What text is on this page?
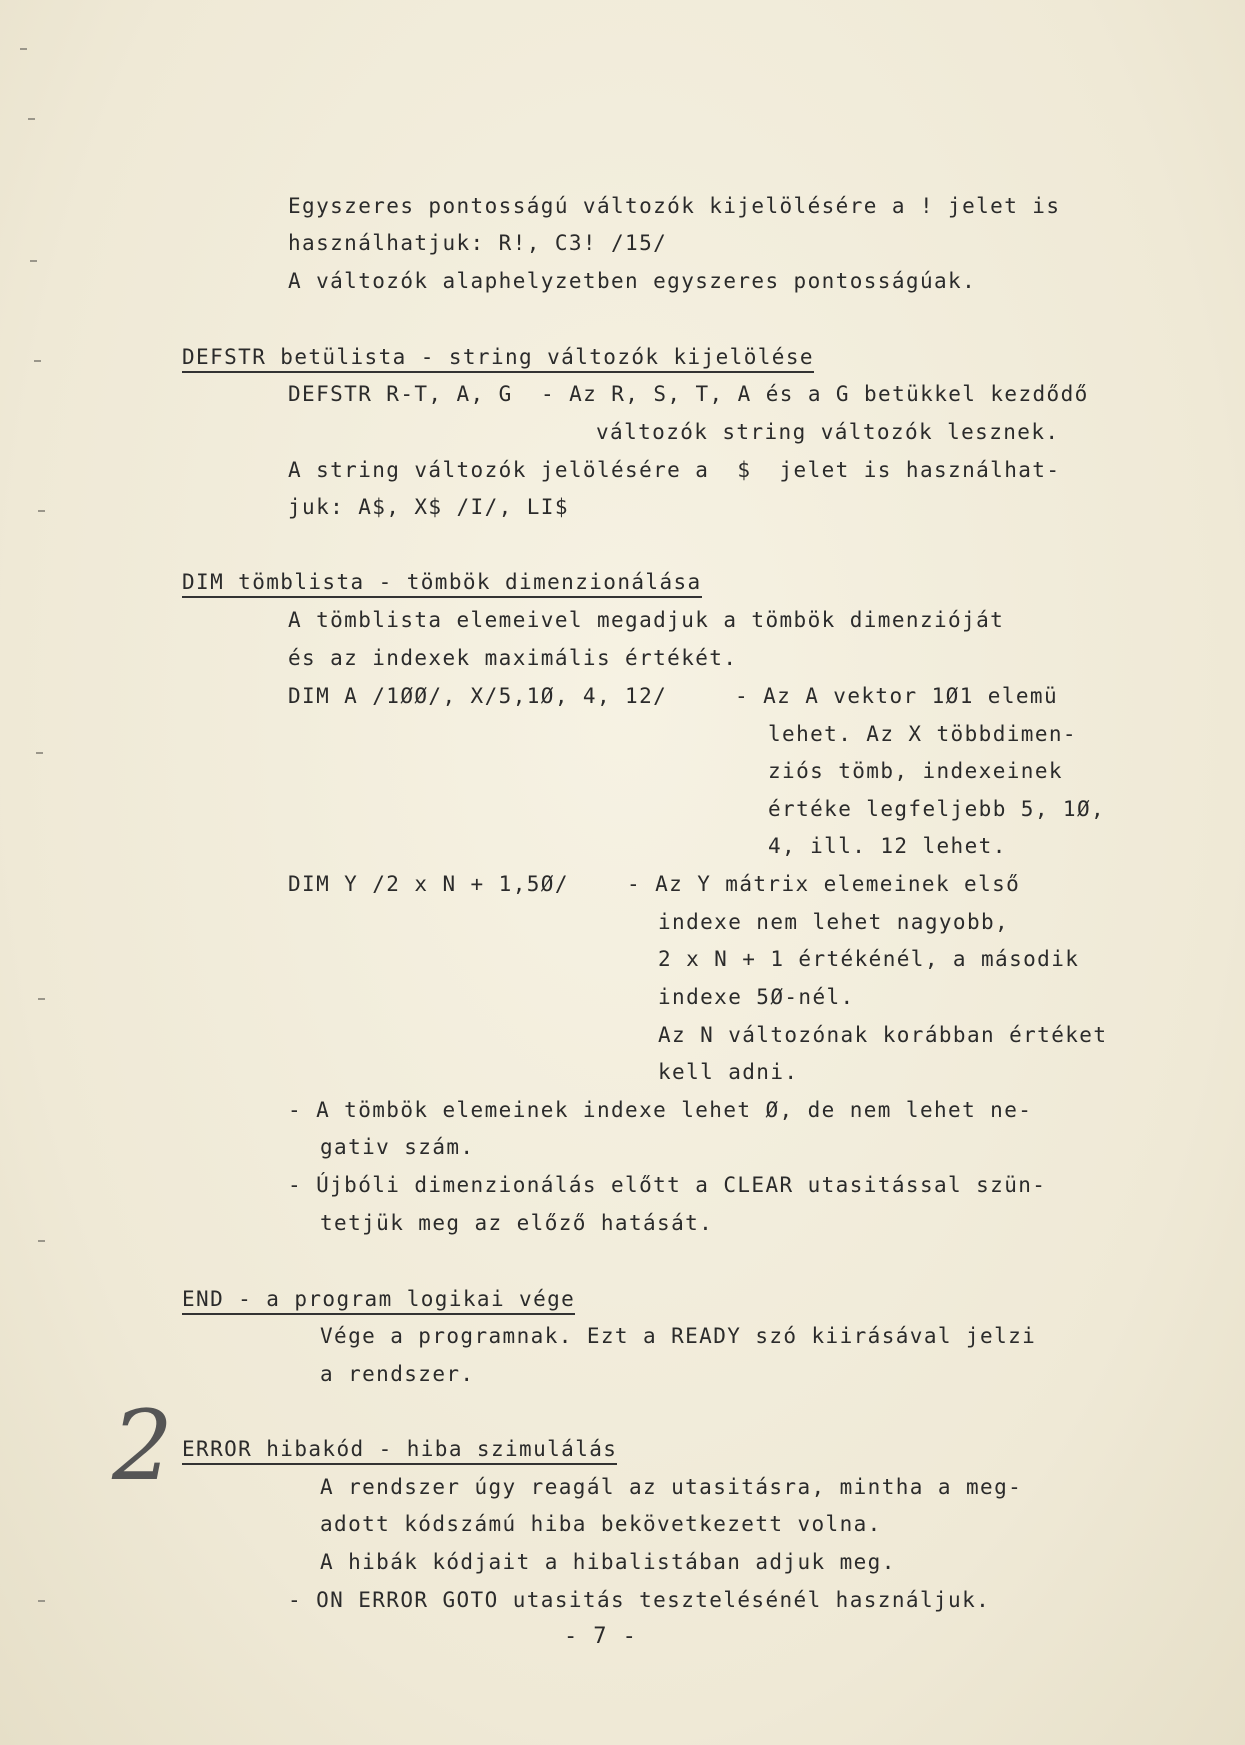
Egyszeres pontosságú változók kijelölésére a ! jelet is
használhatjuk: R!, C3! /15/
A változók alaphelyzetben egyszeres pontosságúak.
DEFSTR betülista - string változók kijelölése
DEFSTR R-T, A, G - Az R, S, T, A és a G betükkel kezdődő
változók string változók lesznek.
A string változók jelölésére a  $  jelet is használhat-
juk: A$, X$ /I/, LI$
DIM tömblista - tömbök dimenzionálása
A tömblista elemeivel megadjuk a tömbök dimenzióját
és az indexek maximális értékét.
DIM A /1ØØ/, X/5,1Ø, 4, 12/	- Az A vektor 1Ø1 elemü
lehet. Az X többdimen-
ziós tömb, indexeinek
értéke legfeljebb 5, 1Ø,
4, ill. 12 lehet.
DIM Y /2 x N + 1,5Ø/	- Az Y mátrix elemeinek első
indexe nem lehet nagyobb,
2 x N + 1 értékénél, a második
indexe 5Ø-nél.
Az N változónak korábban értéket
kell adni.
- A tömbök elemeinek indexe lehet Ø, de nem lehet ne-
gativ szám.
- Újbóli dimenzionálás előtt a CLEAR utasitással szün-
tetjük meg az előző hatását.
END - a program logikai vége
Vége a programnak. Ezt a READY szó kiirásával jelzi
a rendszer.
2 ERROR hibakód - hiba szimulálás
A rendszer úgy reagál az utasitásra, mintha a meg-
adott kódszámú hiba bekövetkezett volna.
A hibák kódjait a hibalistában adjuk meg.
- ON ERROR GOTO utasitás tesztelésénél használjuk.
- 7 -
